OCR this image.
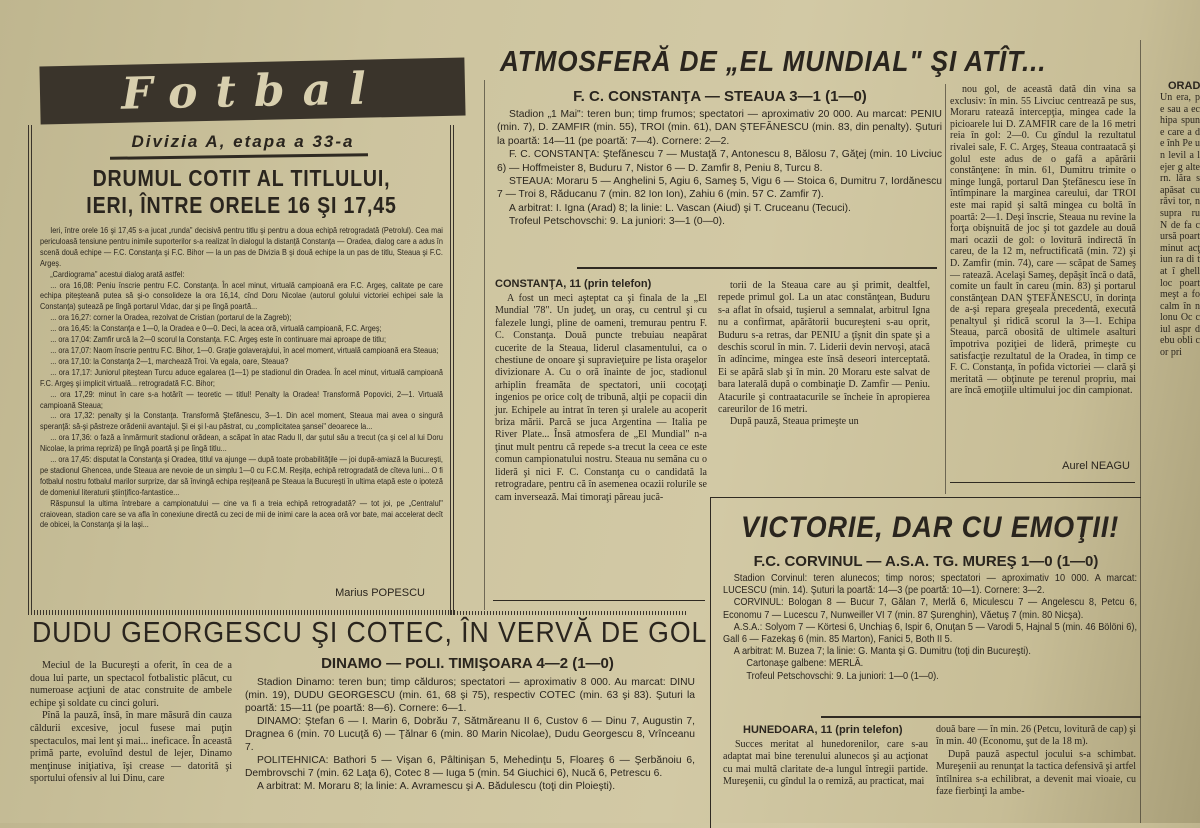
Fotbal
Divizia A, etapa a 33-a
DRUMUL COTIT AL TITLULUI,
IERI, ÎNTRE ORELE 16 ŞI 17,45

Ieri, între orele 16 şi 17,45 s-a jucat „runda" decisivă pentru titlu şi pentru a doua echipă retrogradată (Petrolul). Cea mai periculoasă tensiune pentru inimile suporterilor s-a realizat în dialogul la distanţă Constanţa — Oradea, dialog care a adus în scenă două echipe — F.C. Constanţa şi F.C. Bihor — la un pas de Divizia B şi două echipe la un pas de titlu, Steaua şi F.C. Argeş.

„Cardiograma" acestui dialog arată astfel:

... ora 16,08: Peniu înscrie pentru F.C. Constanţa. În acel minut, virtuală campioană era F.C. Argeş, calitate pe care echipa piteşteană putea să şi-o consolideze la ora 16,14, cînd Doru Nicolae (autorul golului victoriei echipei sale la Constanţa) şutează pe lîngă portarul Vidac, dar şi pe lîngă poartă...

... ora 16,27: corner la Oradea, rezolvat de Cristian (portarul de la Zagreb);

... ora 16,45: la Constanţa e 1—0, la Oradea e 0—0. Deci, la acea oră, virtuală campioană, F.C. Argeş;

... ora 17,04: Zamfir urcă la 2—0 scorul la Constanţa. F.C. Argeş este în continuare mai aproape de titlu;

... ora 17,07: Naom înscrie pentru F.C. Bihor, 1—0. Graţie golaverajului, în acel moment, virtuală campioană era Steaua;

... ora 17,10: la Constanţa 2—1, marchează Troi. Va egala, oare, Steaua?

... ora 17,17: Juniorul piteştean Turcu aduce egalarea (1—1) pe stadionul din Oradea. În acel minut, virtuală campioană F.C. Argeş şi implicit virtuală... retrogradată F.C. Bihor;

... ora 17,29: minut în care s-a hotărît — teoretic — titlul! Penalty la Oradea! Transformă Popovici, 2—1. Virtuală campioană Steaua;

... ora 17,32: penalty şi la Constanţa. Transformă Ştefănescu, 3—1. Din acel moment, Steaua mai avea o singură speranţă: să-şi păstreze orădenii avantajul. Şi ei şi l-au păstrat, cu „complicitatea şansei" deoarece la...

... ora 17,36: o fază a înmărmurit stadionul orădean, a scăpat în atac Radu II, dar şutul său a trecut (ca şi cel al lui Doru Nicolae, la prima repriză) pe lîngă poartă şi pe lîngă titlu...

... ora 17,45: disputat la Constanţa şi Oradea, titlul va ajunge — după toate probabilităţile — joi după-amiază la Bucureşti, pe stadionul Ghencea, unde Steaua are nevoie de un simplu 1—0 cu F.C.M. Reşiţa, echipă retrogradată de cîteva luni... O fi fotbalul nostru fotbalul marilor surprize, dar să învingă echipa reşiţeană pe Steaua la Bucureşti în ultima etapă este o ipoteză de domeniul literaturii ştiinţifico-fantastice...

Răspunsul la ultima întrebare a campionatului — cine va fi a treia echipă retrogradată? — tot joi, pe „Centralul" craiovean, stadion care se va afla în conexiune directă cu zeci de mii de inimi care la acea oră vor bate, mai accelerat decît de obicei, la Constanţa şi la Iaşi...

Marius POPESCU
ATMOSFERĂ DE „EL MUNDIAL" ŞI ATÎT...
F. C. CONSTANŢA — STEAUA 3—1 (1—0)

Stadion „1 Mai": teren bun; timp frumos; spectatori — aproximativ 20 000. Au marcat: PENIU (min. 7), D. ZAMFIR (min. 55), TROI (min. 61), DAN ŞTEFĂNESCU (min. 83, din penalty). Şuturi la poartă: 14—11 (pe poartă: 7—4). Cornere: 2—2.

F. C. CONSTANŢA: Ştefănescu 7 — Mustaţă 7, Antonescu 8, Bălosu 7, Găţej (min. 10 Livciuc 6) — Hoffmeister 8, Buduru 7, Nistor 6 — D. Zamfir 8, Peniu 8, Turcu 8.

STEAUA: Moraru 5 — Anghelini 5, Agiu 6, Sameş 5, Vigu 6 — Stoica 6, Dumitru 7, Iordănescu 7 — Troi 8, Răducanu 7 (min. 82 Ion Ion), Zahiu 6 (min. 57 C. Zamfir 7).

A arbitrat: I. Igna (Arad) 8; la linie: L. Vascan (Aiud) şi T. Cruceanu (Tecuci).

Trofeul Petschovschi: 9. La juniori: 3—1 (0—0).

CONSTANŢA, 11 (prin telefon)

A fost un meci aşteptat ca şi finala de la „El Mundial '78". Un judeţ, un oraş, cu centrul şi cu falezele lungi, pline de oameni, tremurau pentru F. C. Constanţa. Două puncte trebuiau neapărat cucerite de la Steaua, liderul clasamentului, ca o chestiune de onoare şi supravieţuire pe lista oraşelor divizionare A. Cu o oră înainte de joc, stadionul arhiplin freamăta de spectatori, unii cocoţaţi ingenios pe orice colţ de tribună, alţii pe copacii din jur. Echipele au intrat în teren şi uralele au acoperit briza mării. Parcă se juca Argentina — Italia pe River Plate... Însă atmosfera de „El Mundial" n-a ţinut mult pentru că repede s-a trecut la ceea ce este comun campionatului nostru. Steaua nu semăna cu o lideră şi nici F. C. Constanţa cu o candidată la retrogradare, pentru că în asemenea ocazii rolurile se cam inversează. Mai timoraţi păreau jucă-

torii de la Steaua care au şi primit, dealtfel, repede primul gol. La un atac constănţean, Buduru s-a aflat în ofsaid, tuşierul a semnalat, arbitrul Igna nu a confirmat, apărătorii bucureşteni s-au oprit, Buduru s-a retras, dar PENIU a ţîşnit din spate şi a deschis scorul în min. 7. Liderii devin nervoşi, atacă în adîncime, mingea este însă deseori interceptată. Ei se apără slab şi în min. 20 Moraru este salvat de bara laterală după o combinaţie D. Zamfir — Peniu. Atacurile şi contraatacurile se încheie în apropierea careurilor de 16 metri.

După pauză, Steaua primeşte un

nou gol, de această dată din vina sa exclusiv: în min. 55 Livciuc centrează pe sus, Moraru ratează intercepţia, mingea cade la picioarele lui D. ZAMFIR care de la 16 metri reia în gol: 2—0. Cu gîndul la rezultatul rivalei sale, F. C. Argeş, Steaua contraatacă şi golul este adus de o gafă a apărării constănţene: în min. 61, Dumitru trimite o minge lungă, portarul Dan Ştefănescu iese în întîmpinare la marginea careului, dar TROI este mai rapid şi saltă mingea cu boltă în poartă: 2—1. Deşi înscrie, Steaua nu revine la forţa obişnuită de joc şi tot gazdele au două mari ocazii de gol: o lovitură indirectă în careu, de la 12 m, nefructificată (min. 72) şi D. Zamfir (min. 74), care — scăpat de Sameş — ratează. Acelaşi Sameş, depăşit încă o dată, comite un fault în careu (min. 83) şi portarul constănţean DAN ŞTEFĂNESCU, în dorinţa de a-şi repara greşeala precedentă, execută penaltyul şi ridică scorul la 3—1. Echipa Steaua, parcă obosită de ultimele asalturi împotriva poziţiei de lideră, primeşte cu satisfacţie rezultatul de la Oradea, în timp ce F. C. Constanţa, în pofida victoriei — clară şi meritată — obţinute pe terenul propriu, mai are încă emoţiile ultimului joc din campionat.

Aurel NEAGU
VICTORIE, DAR CU EMOŢII!
F.C. CORVINUL — A.S.A. TG. MUREŞ 1—0 (1—0)

Stadion Corvinul: teren alunecos; timp noros; spectatori — aproximativ 10 000. A marcat: LUCESCU (min. 14). Şuturi la poartă: 14—3 (pe poartă: 10—1). Cornere: 3—2.

CORVINUL: Bologan 8 — Bucur 7, Gălan 7, Merlă 6, Miculescu 7 — Angelescu 8, Petcu 6, Economu 7 — Lucescu 7, Nunweiller VI 7 (min. 87 Şurenghin), Văetuş 7 (min. 80 Nicşa).

A.S.A.: Solyom 7 — Körtesi 6, Unchiaş 6, Ispir 6, Onuţan 5 — Varodi 5, Hajnal 5 (min. 46 Bölöni 6), Gall 6 — Fazekaş 6 (min. 85 Marton), Fanici 5, Both II 5.

A arbitrat: M. Buzea 7; la linie: G. Manta şi G. Dumitru (toţi din Bucureşti).

Cartonaşe galbene: MERLĂ.

Trofeul Petschovschi: 9. La juniori: 1—0 (1—0).

HUNEDOARA, 11 (prin telefon)

Succes meritat al hunedorenilor, care s-au adaptat mai bine terenului alunecos şi au acţionat cu mai multă claritate de-a lungul întregii partide. Mureşenii, cu gîndul la o remiză, au practicat, mai

două bare — în min. 26 (Petcu, lovitură de cap) şi în min. 40 (Economu, şut de la 18 m).

După pauză aspectul jocului s-a schimbat. Mureşenii au renunţat la tactica defensivă şi artfel întîlnirea s-a echilibrat, a devenit mai vioaie, cu faze fierbinţi la ambe-

DUDU GEORGESCU ŞI COTEC, ÎN VERVĂ DE GOL

Meciul de la Bucureşti a oferit, în cea de a doua lui parte, un spectacol fotbalistic plăcut, cu numeroase acţiuni de atac construite de ambele echipe şi soldate cu cinci goluri.

Pînă la pauză, însă, în mare măsură din cauza căldurii excesive, jocul fusese mai puţin spectaculos, mai lent şi mai... ineficace. În această primă parte, evoluînd destul de lejer, Dinamo menţinuse iniţiativa, îşi crease — datorită şi sportului ofensiv al lui Dinu, care

DINAMO — POLI. TIMIŞOARA 4—2 (1—0)

Stadion Dinamo: teren bun; timp călduros; spectatori — aproximativ 8 000. Au marcat: DINU (min. 19), DUDU GEORGESCU (min. 61, 68 şi 75), respectiv COTEC (min. 63 şi 83). Şuturi la poartă: 15—11 (pe poartă: 8—6). Cornere: 6—1.

DINAMO: Ştefan 6 — I. Marin 6, Dobrău 7, Sătmăreanu II 6, Custov 6 — Dinu 7, Augustin 7, Dragnea 6 (min. 70 Lucuţă 6) — Ţălnar 6 (min. 80 Marin Nicolae), Dudu Georgescu 8, Vrînceanu 7.

POLITEHNICA: Bathori 5 — Vişan 6, Pâltinişan 5, Mehedinţu 5, Floareş 6 — Şerbănoiu 6, Dembrovschi 7 (min. 62 Laţa 6), Cotec 8 — Iuga 5 (min. 54 Giuchici 6), Nucă 6, Petrescu 6.

A arbitrat: M. Moraru 8; la linie: A. Avramescu şi A. Bădulescu (toţi din Ploieşti).

ORAD
Un era, pe sau a echipa spune care a de înh Pe un levil a lejer g altern. lăra s apăsat curăvi tor, n supra ru N de fa cursă poart minut acţiun ra di tat î ghell loc poart meşt a fo calm în n lonu Oc ciul aspr debu obli cor pri
